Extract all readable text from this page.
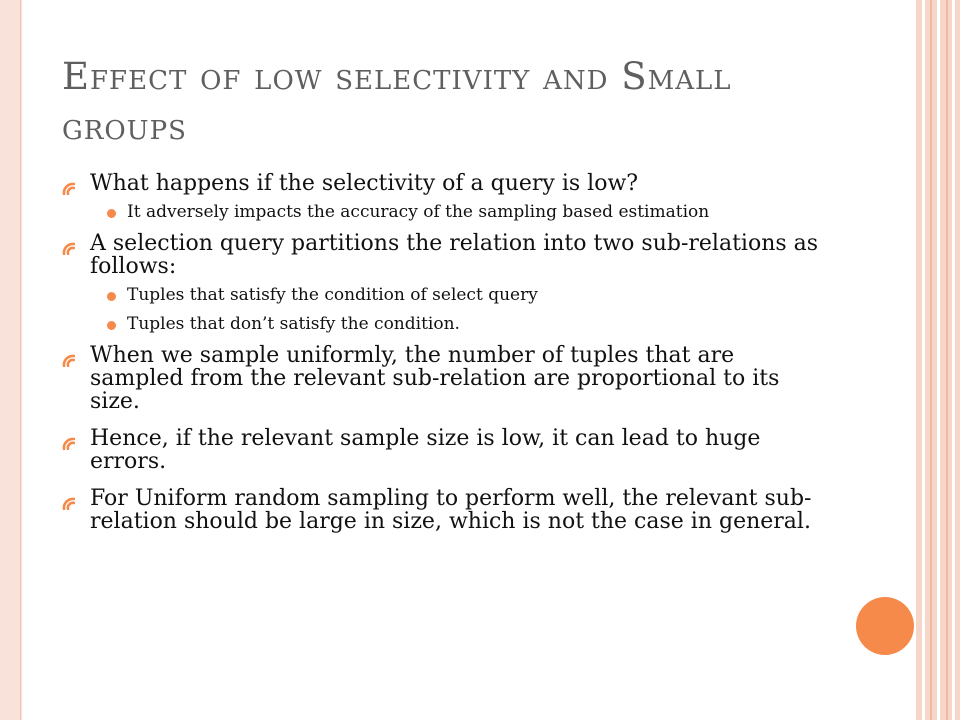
Effect of low selectivity and Small
groups
What happens if the selectivity of a query is low?
It adversely impacts the accuracy of the sampling based estimation
A selection query partitions the relation into two sub-relations as follows:
Tuples that satisfy the condition of select query
Tuples that don’t satisfy the condition.
When we sample uniformly, the number of tuples that are sampled from the relevant sub-relation are proportional to its size.
Hence, if the relevant sample size is low, it can lead to huge errors.
For Uniform random sampling to perform well, the relevant sub-relation should be large in size, which is not the case in general.
